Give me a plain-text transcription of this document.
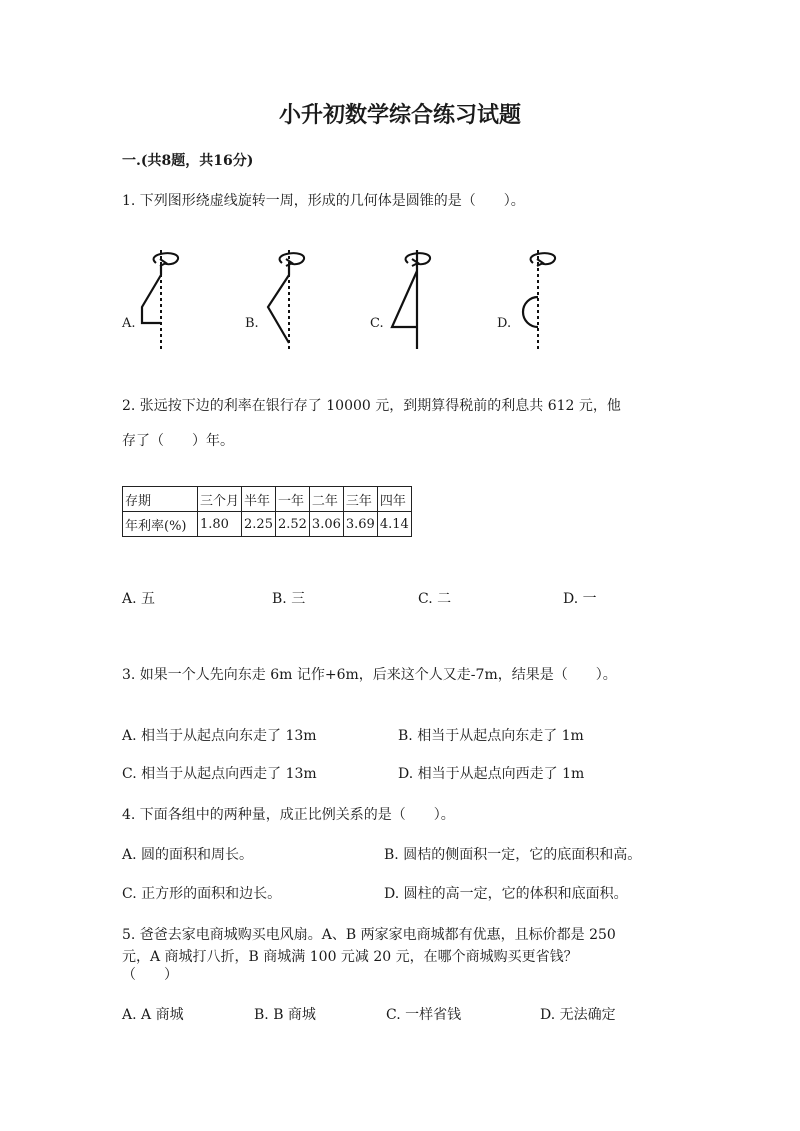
小升初数学综合练习试题
一.(共8题，共16分)
1. 下列图形绕虚线旋转一周，形成的几何体是圆锥的是（　　）。
A.	B.	C.	D.
2. 张远按下边的利率在银行存了 10000 元，到期算得税前的利息共 612 元，他
存了（　　）年。
存期	三个月	半年	一年	二年	三年	四年
年利率(%)	1.80	2.25	2.52	3.06	3.69	4.14
A. 五	B. 三	C. 二	D. 一
3. 如果一个人先向东走 6m 记作+6m，后来这个人又走-7m，结果是（　　）。
A. 相当于从起点向东走了 13m	B. 相当于从起点向东走了 1m
C. 相当于从起点向西走了 13m	D. 相当于从起点向西走了 1m
4. 下面各组中的两种量，成正比例关系的是（　　）。
A. 圆的面积和周长。	B. 圆桔的侧面积一定，它的底面积和高。
C. 正方形的面积和边长。	D. 圆柱的高一定，它的体积和底面积。
5. 爸爸去家电商城购买电风扇。A、B 两家家电商城都有优惠，且标价都是 250
元，A 商城打八折，B 商城满 100 元减 20 元，在哪个商城购买更省钱？
（　　）
A. A 商城	B. B 商城	C. 一样省钱	D. 无法确定
